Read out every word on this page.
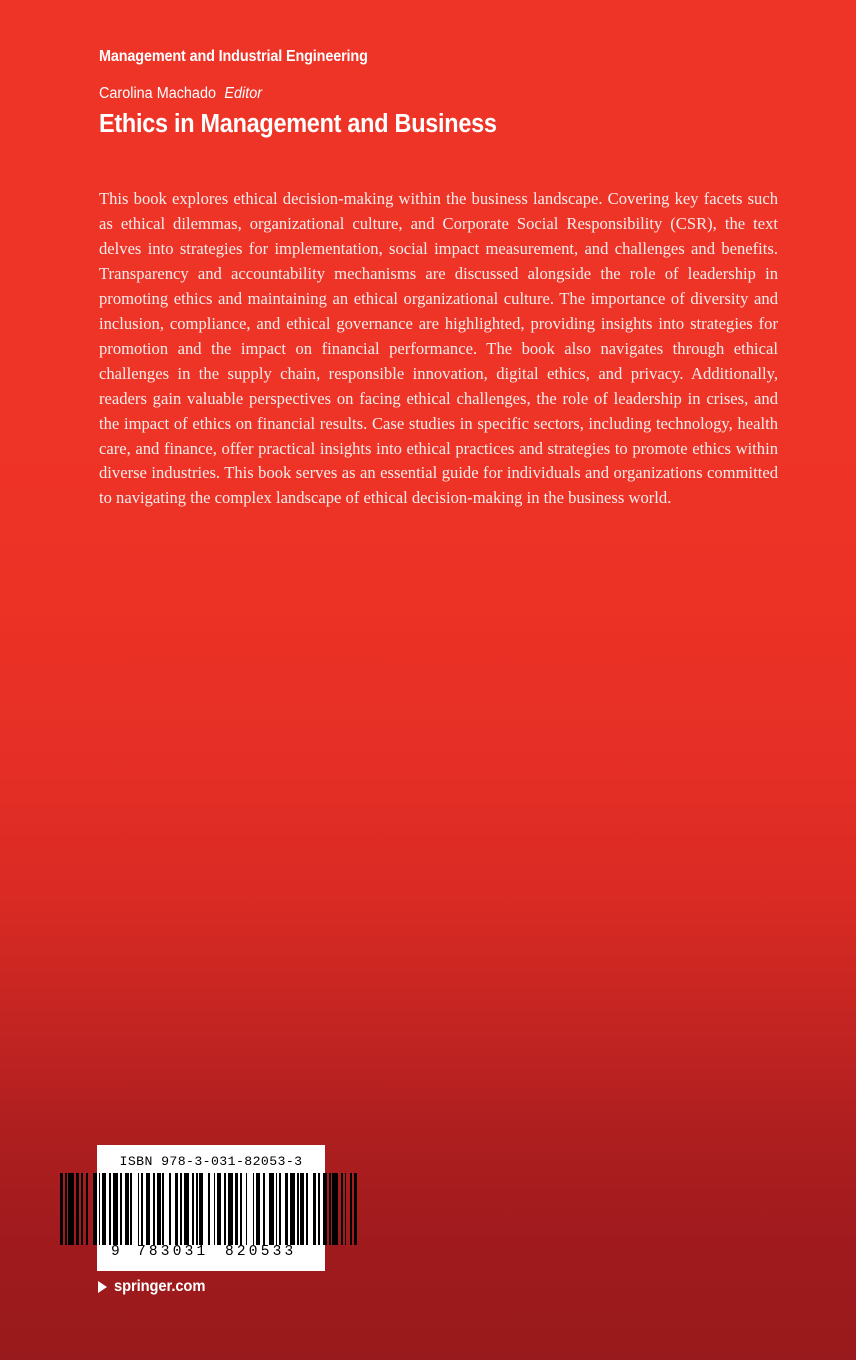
Management and Industrial Engineering
Carolina Machado Editor
Ethics in Management and Business
This book explores ethical decision-making within the business landscape. Covering key facets such as ethical dilemmas, organizational culture, and Corporate Social Responsibility (CSR), the text delves into strategies for implementation, social impact measurement, and challenges and benefits. Transparency and accountability mechanisms are discussed alongside the role of leadership in promoting ethics and maintaining an ethical organizational culture. The importance of diversity and inclusion, compliance, and ethical governance are highlighted, providing insights into strategies for promotion and the impact on financial performance. The book also navigates through ethical challenges in the supply chain, responsible innovation, digital ethics, and privacy. Additionally, readers gain valuable perspectives on facing ethical challenges, the role of leadership in crises, and the impact of ethics on financial results. Case studies in specific sectors, including technology, health care, and finance, offer practical insights into ethical practices and strategies to promote ethics within diverse industries. This book serves as an essential guide for individuals and organizations committed to navigating the complex landscape of ethical decision-making in the business world.
ISBN 978-3-031-82053-3
9 783031 820533
springer.com
